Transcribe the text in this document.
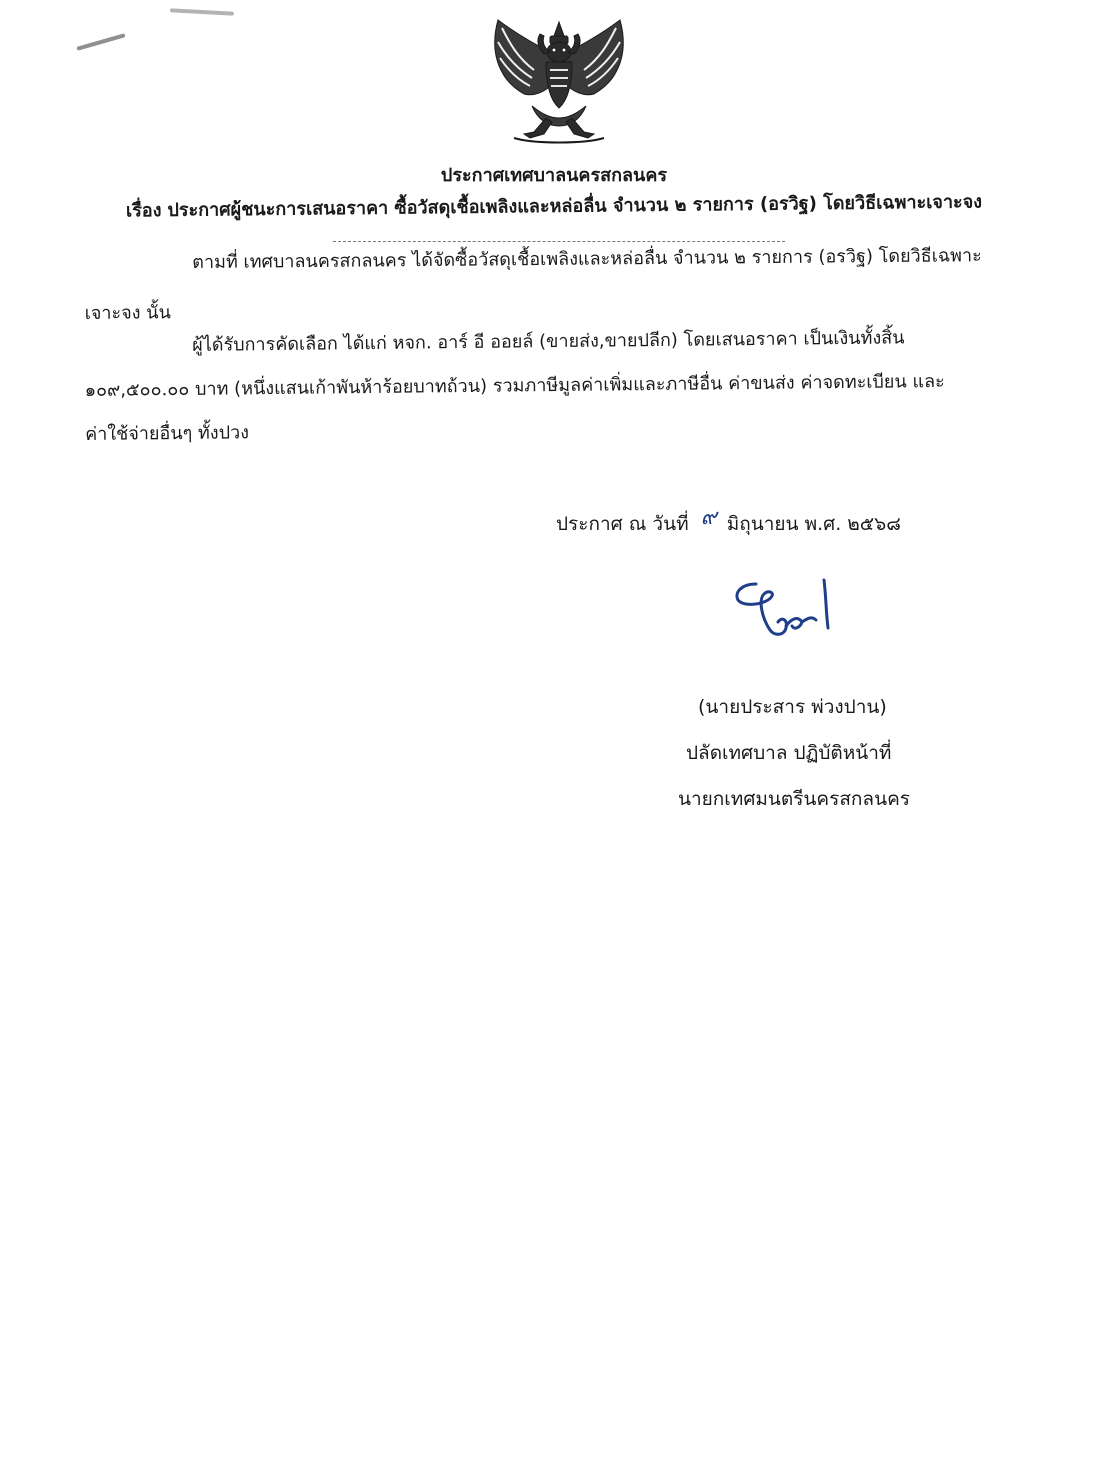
ประกาศเทศบาลนครสกลนคร
เรื่อง ประกาศผู้ชนะการเสนอราคา ซื้อวัสดุเชื้อเพลิงและหล่อลื่น จำนวน ๒ รายการ (อรวิฐ) โดยวิธีเฉพาะเจาะจง
ตามที่ เทศบาลนครสกลนคร ได้จัดซื้อวัสดุเชื้อเพลิงและหล่อลื่น จำนวน ๒ รายการ (อรวิฐ) โดยวิธีเฉพาะ
เจาะจง นั้น
ผู้ได้รับการคัดเลือก ได้แก่ หจก. อาร์ อี ออยล์ (ขายส่ง,ขายปลีก) โดยเสนอราคา เป็นเงินทั้งสิ้น
๑๐๙,๕๐๐.๐๐ บาท (หนึ่งแสนเก้าพันห้าร้อยบาทถ้วน) รวมภาษีมูลค่าเพิ่มและภาษีอื่น ค่าขนส่ง ค่าจดทะเบียน และ
ค่าใช้จ่ายอื่นๆ ทั้งปวง
ประกาศ ณ วันที่ ๙ มิถุนายน พ.ศ. ๒๕๖๘
(นายประสาร พ่วงปาน)
ปลัดเทศบาล ปฏิบัติหน้าที่
นายกเทศมนตรีนครสกลนคร
